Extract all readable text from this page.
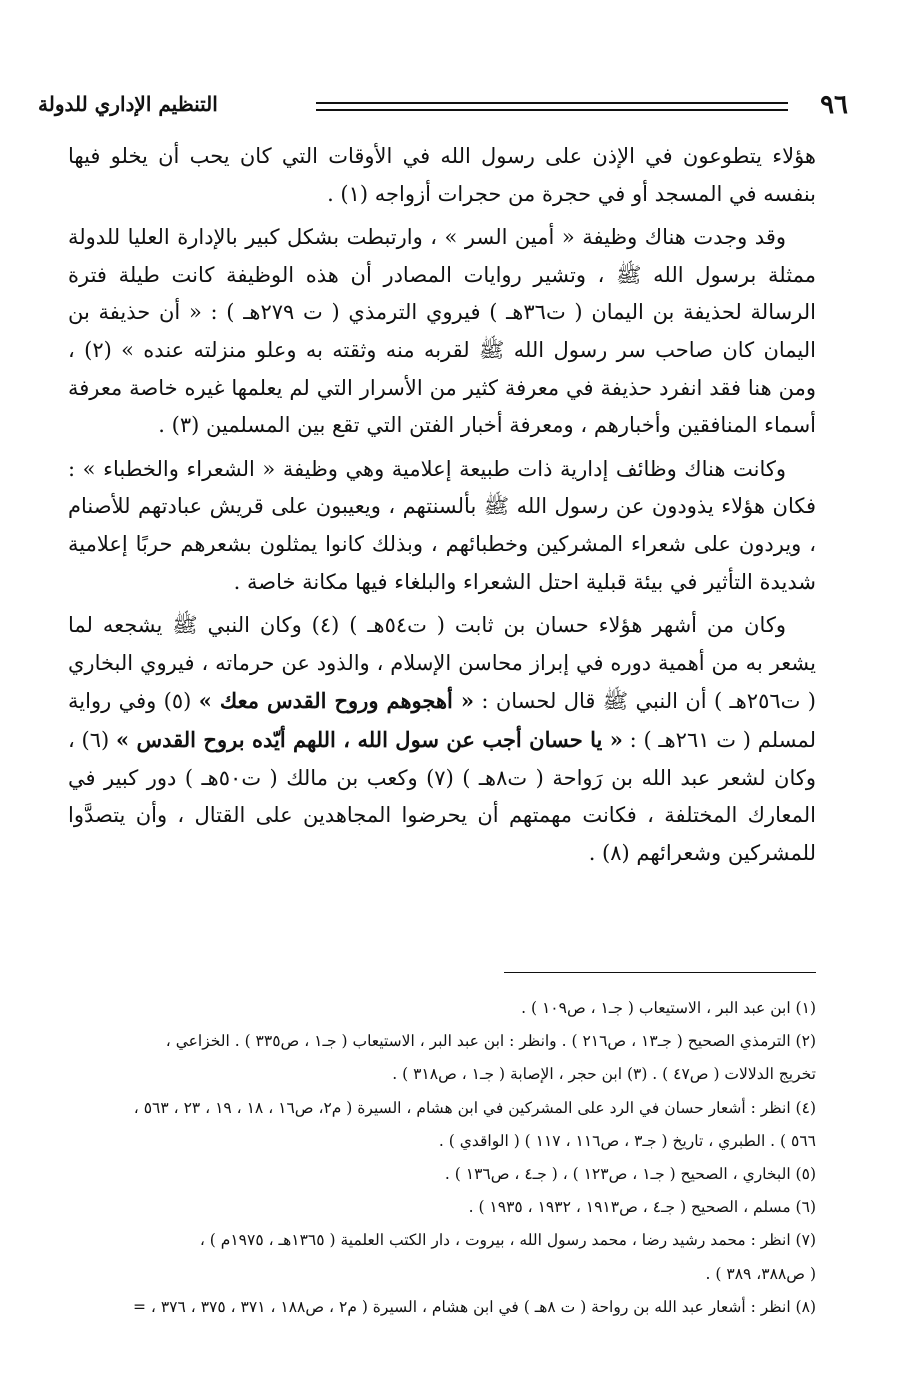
٩٦
التنظيم الإداري للدولة

هؤلاء يتطوعون في الإذن على رسول الله في الأوقات التي كان يحب أن يخلو فيها بنفسه في المسجد أو في حجرة من حجرات أزواجه (١) .

وقد وجدت هناك وظيفة « أمين السر » ، وارتبطت بشكل كبير بالإدارة العليا للدولة ممثلة برسول الله ﷺ ، وتشير روايات المصادر أن هذه الوظيفة كانت طيلة فترة الرسالة لحذيفة بن اليمان ( ت٣٦هـ ) فيروي الترمذي ( ت ٢٧٩هـ ) : « أن حذيفة بن اليمان كان صاحب سر رسول الله ﷺ لقربه منه وثقته به وعلو منزلته عنده » (٢) ، ومن هنا فقد انفرد حذيفة في معرفة كثير من الأسرار التي لم يعلمها غيره خاصة معرفة أسماء المنافقين وأخبارهم ، ومعرفة أخبار الفتن التي تقع بين المسلمين (٣) .

وكانت هناك وظائف إدارية ذات طبيعة إعلامية وهي وظيفة « الشعراء والخطباء » : فكان هؤلاء يذودون عن رسول الله ﷺ بألسنتهم ، ويعيبون على قريش عبادتهم للأصنام ، ويردون على شعراء المشركين وخطبائهم ، وبذلك كانوا يمثلون بشعرهم حربًا إعلامية شديدة التأثير في بيئة قبلية احتل الشعراء والبلغاء فيها مكانة خاصة .

وكان من أشهر هؤلاء حسان بن ثابت ( ت٥٤هـ ) (٤) وكان النبي ﷺ يشجعه لما يشعر به من أهمية دوره في إبراز محاسن الإسلام ، والذود عن حرماته ، فيروي البخاري ( ت٢٥٦هـ ) أن النبي ﷺ قال لحسان : « أهجوهم وروح القدس معك » (٥) وفي رواية لمسلم ( ت ٢٦١هـ ) : « يا حسان أجب عن سول الله ، اللهم أيّده بروح القدس » (٦) ، وكان لشعر عبد الله بن رَواحة ( ت٨هـ ) (٧) وكعب بن مالك ( ت٥٠هـ ) دور كبير في المعارك المختلفة ، فكانت مهمتهم أن يحرضوا المجاهدين على القتال ، وأن يتصدَّوا للمشركين وشعرائهم (٨) .

(١) ابن عبد البر ، الاستيعاب ( جـ١ ، ص١٠٩ ) .
(٢) الترمذي الصحيح ( جـ١٣ ، ص٢١٦ ) . وانظر : ابن عبد البر ، الاستيعاب ( جـ١ ، ص٣٣٥ ) . الخزاعي ،
تخريج الدلالات ( ص٤٧ ) . (٣) ابن حجر ، الإصابة ( جـ١ ، ص٣١٨ ) .
(٤) انظر : أشعار حسان في الرد على المشركين في ابن هشام ، السيرة ( م٢، ص١٦ ، ١٨ ، ١٩ ، ٢٣ ، ٥٦٣ ،
٥٦٦ ) . الطبري ، تاريخ ( جـ٣ ، ص١١٦ ، ١١٧ ) ( الواقدي ) .
(٥) البخاري ، الصحيح ( جـ١ ، ص١٢٣ ) ، ( جـ٤ ، ص١٣٦ ) .
(٦) مسلم ، الصحيح ( جـ٤ ، ص١٩١٣ ، ١٩٣٢ ، ١٩٣٥ ) .
(٧) انظر : محمد رشيد رضا ، محمد رسول الله ، بيروت ، دار الكتب العلمية ( ١٣٦٥هـ ، ١٩٧٥م ) ،
( ص٣٨٨، ٣٨٩ ) .
(٨) انظر : أشعار عبد الله بن رواحة ( ت ٨هـ ) في ابن هشام ، السيرة ( م٢ ، ص١٨٨ ، ٣٧١ ، ٣٧٥ ، ٣٧٦ ، =
